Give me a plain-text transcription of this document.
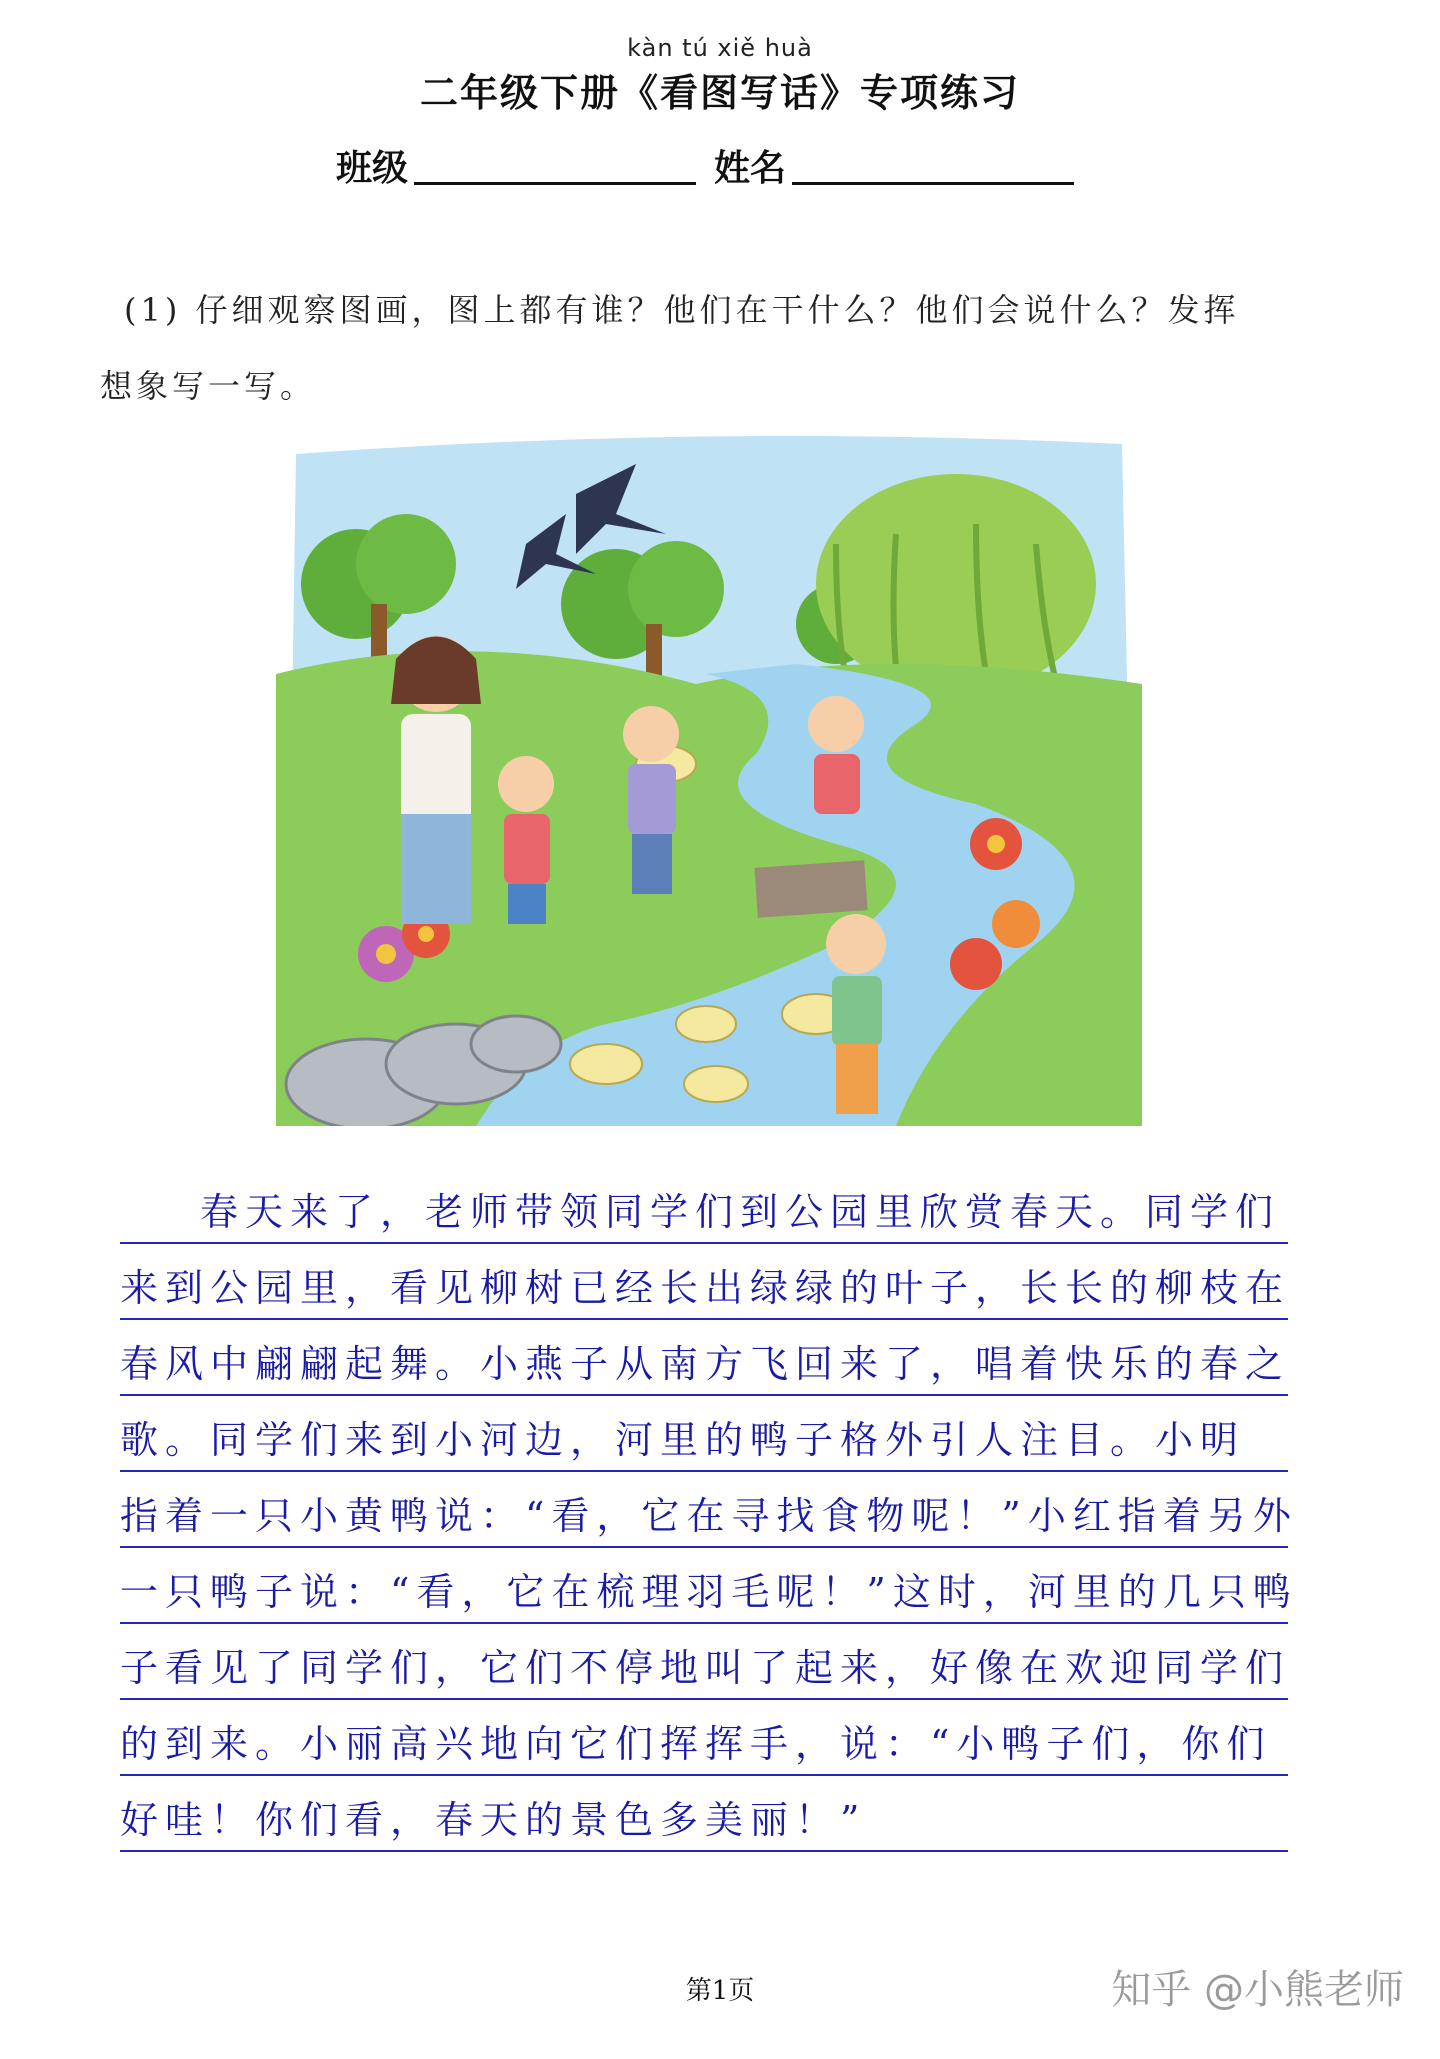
kàn tú xiě huà
二年级下册《看图写话》专项练习
班级	姓名
(1) 仔细观察图画，图上都有谁？他们在干什么？他们会说什么？发挥
想象写一写。
春天来了，老师带领同学们到公园里欣赏春天。同学们
来到公园里，看见柳树已经长出绿绿的叶子，长长的柳枝在
春风中翩翩起舞。小燕子从南方飞回来了，唱着快乐的春之
歌。同学们来到小河边，河里的鸭子格外引人注目。小明
指着一只小黄鸭说：“看，它在寻找食物呢！”小红指着另外
一只鸭子说：“看，它在梳理羽毛呢！”这时，河里的几只鸭
子看见了同学们，它们不停地叫了起来，好像在欢迎同学们
的到来。小丽高兴地向它们挥挥手，说：“小鸭子们，你们
好哇！你们看，春天的景色多美丽！”
第1页	知乎 @小熊老师
